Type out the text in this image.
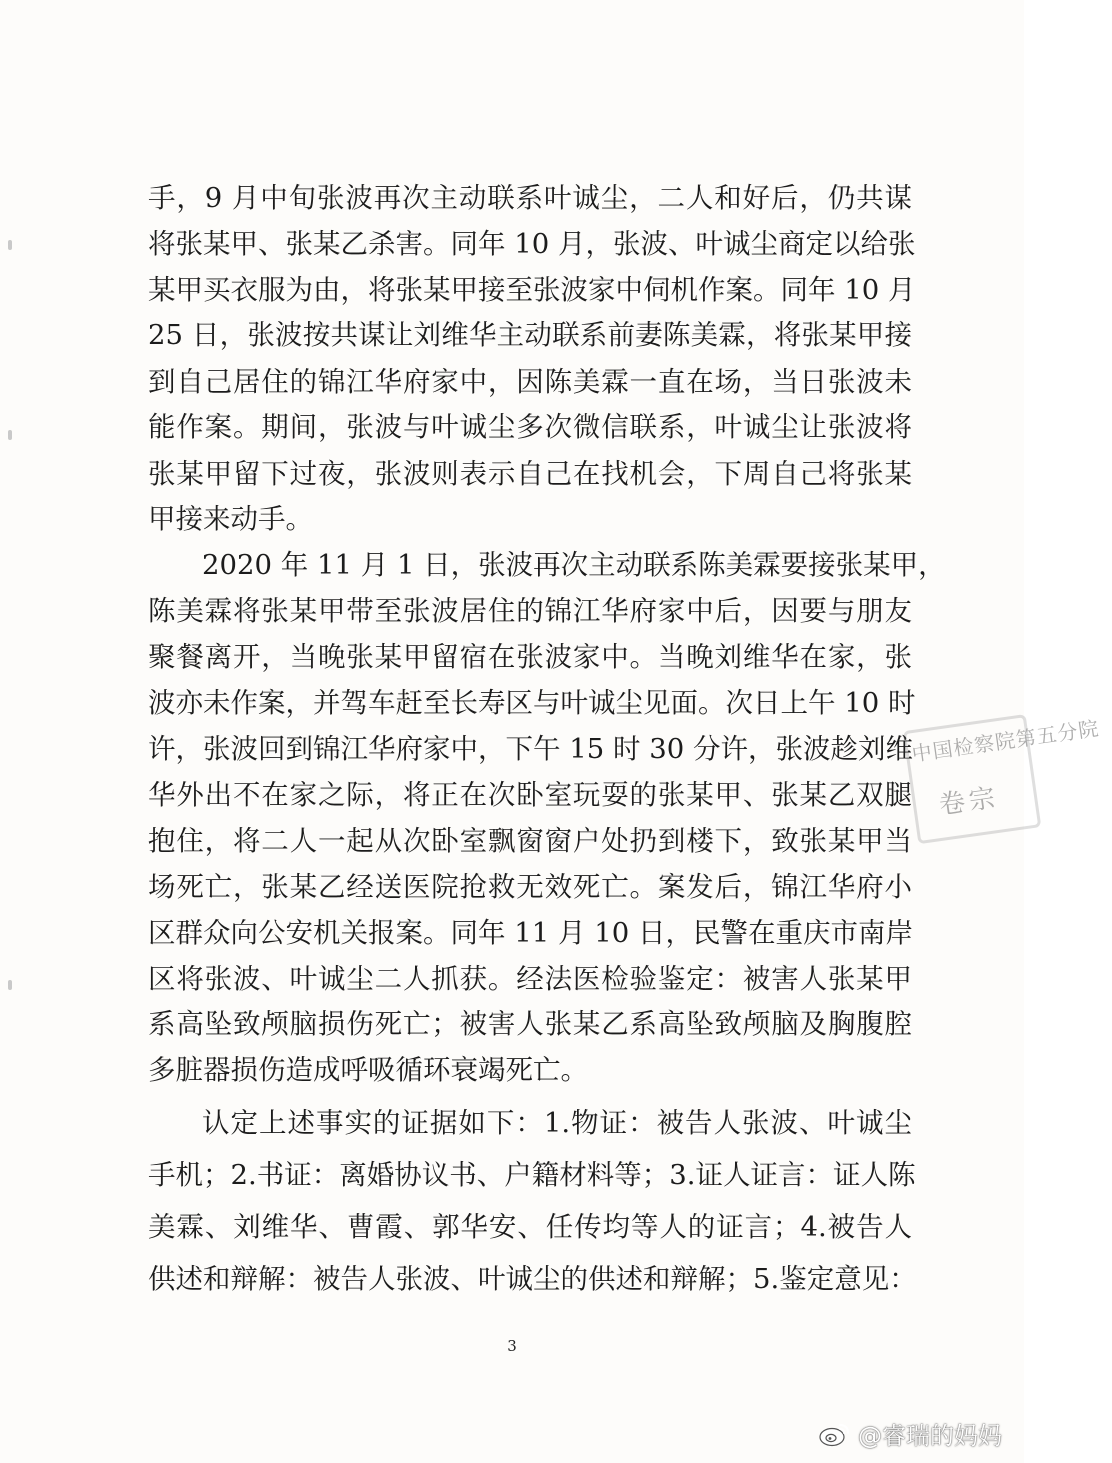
手，9 月中旬张波再次主动联系叶诚尘，二人和好后，仍共谋
将张某甲、张某乙杀害。同年 10 月，张波、叶诚尘商定以给张
某甲买衣服为由，将张某甲接至张波家中伺机作案。同年 10 月
25 日，张波按共谋让刘维华主动联系前妻陈美霖，将张某甲接
到自己居住的锦江华府家中，因陈美霖一直在场，当日张波未
能作案。期间，张波与叶诚尘多次微信联系，叶诚尘让张波将
张某甲留下过夜，张波则表示自己在找机会，下周自己将张某
甲接来动手。
2020 年 11 月 1 日，张波再次主动联系陈美霖要接张某甲，
陈美霖将张某甲带至张波居住的锦江华府家中后，因要与朋友
聚餐离开，当晚张某甲留宿在张波家中。当晚刘维华在家，张
波亦未作案，并驾车赶至长寿区与叶诚尘见面。次日上午 10 时
许，张波回到锦江华府家中，下午 15 时 30 分许，张波趁刘维
华外出不在家之际，将正在次卧室玩耍的张某甲、张某乙双腿
抱住，将二人一起从次卧室飘窗窗户处扔到楼下，致张某甲当
场死亡，张某乙经送医院抢救无效死亡。案发后，锦江华府小
区群众向公安机关报案。同年 11 月 10 日，民警在重庆市南岸
区将张波、叶诚尘二人抓获。经法医检验鉴定：被害人张某甲
系高坠致颅脑损伤死亡；被害人张某乙系高坠致颅脑及胸腹腔
多脏器损伤造成呼吸循环衰竭死亡。
3
中国检察院第五分院
卷宗
@睿瑞的妈妈
认定上述事实的证据如下：1.物证：被告人张波、叶诚尘
手机；2.书证：离婚协议书、户籍材料等；3.证人证言：证人陈
美霖、刘维华、曹霞、郭华安、任传均等人的证言；4.被告人
供述和辩解：被告人张波、叶诚尘的供述和辩解；5.鉴定意见：
